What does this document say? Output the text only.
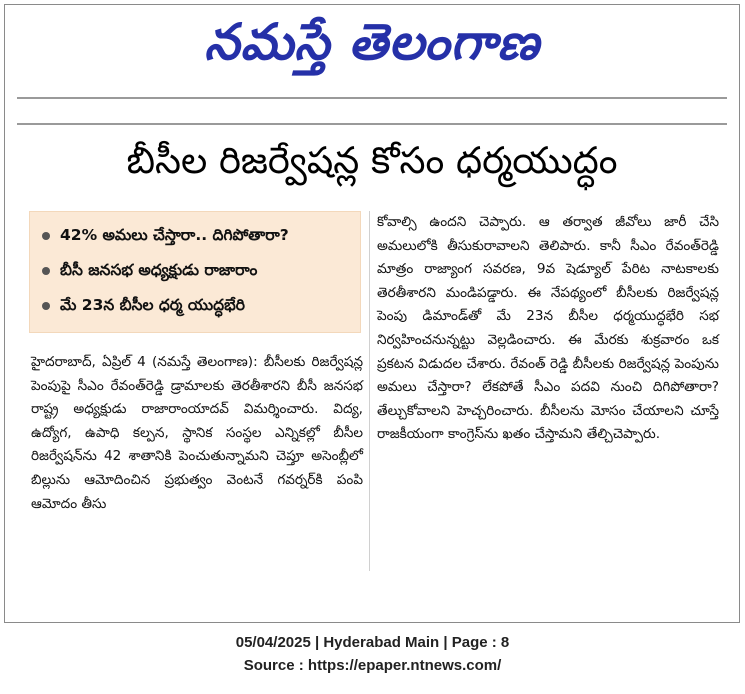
నమస్తే తెలంగాణ
బీసీల రిజర్వేషన్ల కోసం ధర్మయుద్ధం
42% అమలు చేస్తారా.. దిగిపోతారా?
బీసీ జనసభ అధ్యక్షుడు రాజారాం
మే 23న బీసీల ధర్మ యుద్ధభేరి
హైదరాబాద్, ఏప్రిల్ 4 (నమస్తే తెలంగాణ): బీసీలకు రిజర్వేషన్ల పెంపుపై సీఎం రేవంత్‌రెడ్డి డ్రామాలకు తెరతీశారని బీసీ జనసభ రాష్ట్ర అధ్యక్షుడు రాజారాంయాదవ్ విమర్శించారు. విద్య, ఉద్యోగ, ఉపాధి కల్పన, స్థానిక సంస్థల ఎన్నికల్లో బీసీల రిజర్వేషన్‌ను 42 శాతానికి పెంచుతున్నామని చెప్తూ అసెంబ్లీలో బిల్లును ఆమోదించిన ప్రభుత్వం వెంటనే గవర్నర్‌కి పంపి ఆమోదం తీసు
కోవాల్సి ఉందని చెప్పారు. ఆ తర్వాత జీవోలు జారీ చేసి అమలులోకి తీసుకురావాలని తెలిపారు. కానీ సీఎం రేవంత్‌రెడ్డి మాత్రం రాజ్యాంగ సవరణ, 9వ షెడ్యూల్ పేరిట నాటకాలకు తెరతీశారని మండిపడ్డారు. ఈ నేపథ్యంలో బీసీలకు రిజర్వేషన్ల పెంపు డిమాండ్‌తో మే 23న బీసీల ధర్మయుద్ధభేరి సభ నిర్వహించనున్నట్టు వెల్లడించారు. ఈ మేరకు శుక్రవారం ఒక ప్రకటన విడుదల చేశారు. రేవంత్ రెడ్డి బీసీలకు రిజర్వేషన్ల పెంపును అమలు చేస్తారా? లేకపోతే సీఎం పదవి నుంచి దిగిపోతారా? తేల్చుకోవాలని హెచ్చరించారు. బీసీలను మోసం చేయాలని చూస్తే రాజకీయంగా కాంగ్రెస్‌ను ఖతం చేస్తామని తేల్చిచెప్పారు.
05/04/2025 | Hyderabad Main | Page : 8
Source : https://epaper.ntnews.com/
